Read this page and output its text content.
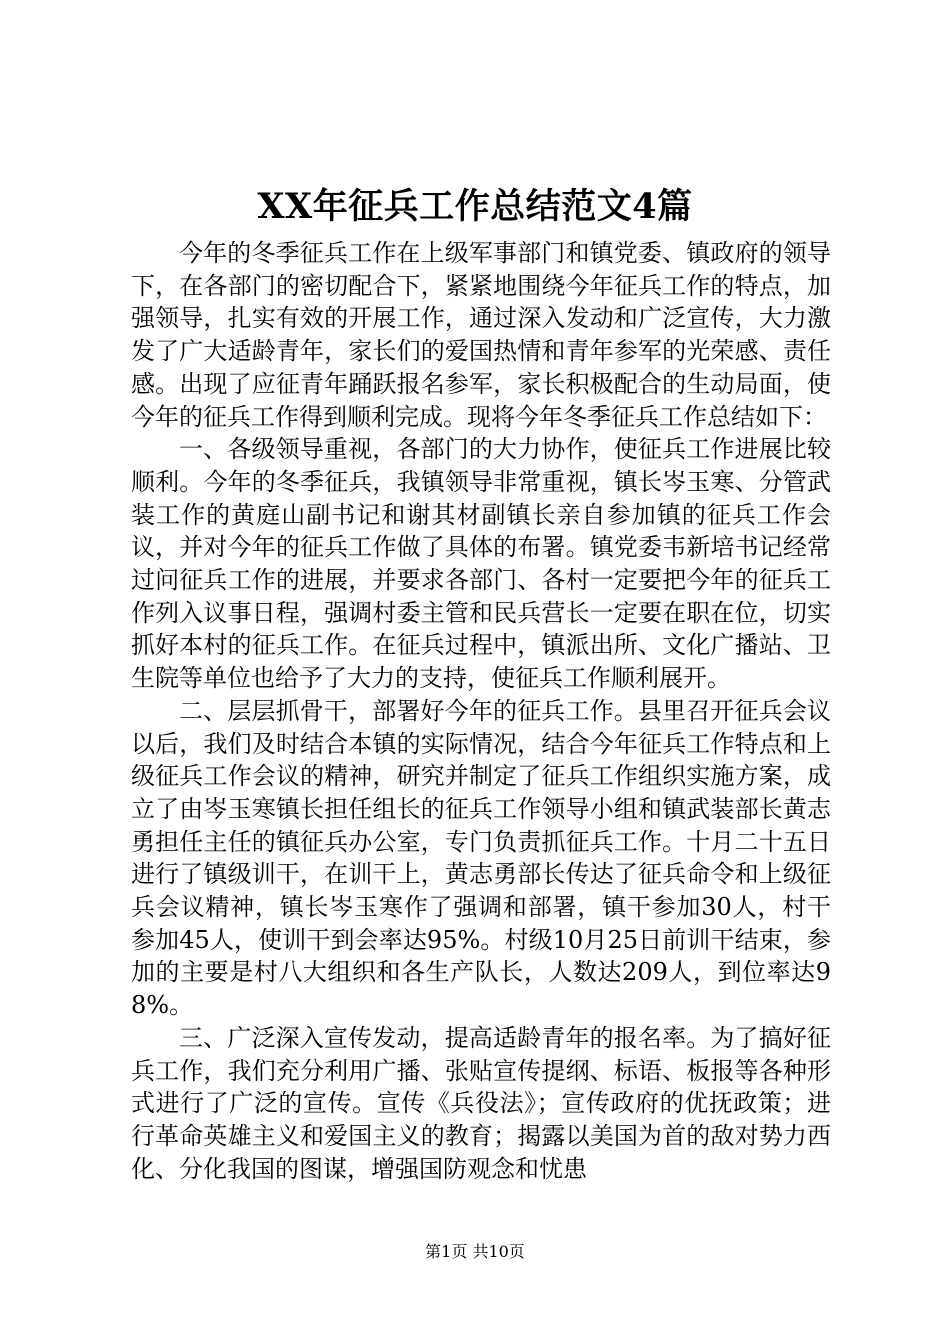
XX年征兵工作总结范文4篇

今年的冬季征兵工作在上级军事部门和镇党委、镇政府的领导下，在各部门的密切配合下，紧紧地围绕今年征兵工作的特点，加强领导，扎实有效的开展工作，通过深入发动和广泛宣传，大力激发了广大适龄青年，家长们的爱国热情和青年参军的光荣感、责任感。出现了应征青年踊跃报名参军，家长积极配合的生动局面，使今年的征兵工作得到顺利完成。现将今年冬季征兵工作总结如下：

一、各级领导重视，各部门的大力协作，使征兵工作进展比较顺利。今年的冬季征兵，我镇领导非常重视，镇长岑玉寒、分管武装工作的黄庭山副书记和谢其材副镇长亲自参加镇的征兵工作会议，并对今年的征兵工作做了具体的布署。镇党委韦新培书记经常过问征兵工作的进展，并要求各部门、各村一定要把今年的征兵工作列入议事日程，强调村委主管和民兵营长一定要在职在位，切实抓好本村的征兵工作。在征兵过程中，镇派出所、文化广播站、卫生院等单位也给予了大力的支持，使征兵工作顺利展开。

二、层层抓骨干，部署好今年的征兵工作。县里召开征兵会议以后，我们及时结合本镇的实际情况，结合今年征兵工作特点和上级征兵工作会议的精神，研究并制定了征兵工作组织实施方案，成立了由岑玉寒镇长担任组长的征兵工作领导小组和镇武装部长黄志勇担任主任的镇征兵办公室，专门负责抓征兵工作。十月二十五日进行了镇级训干，在训干上，黄志勇部长传达了征兵命令和上级征兵会议精神，镇长岑玉寒作了强调和部署，镇干参加30人，村干参加45人，使训干到会率达95%。村级10月25日前训干结束，参加的主要是村八大组织和各生产队长，人数达209人，到位率达98%。

三、广泛深入宣传发动，提高适龄青年的报名率。为了搞好征兵工作，我们充分利用广播、张贴宣传提纲、标语、板报等各种形式进行了广泛的宣传。宣传《兵役法》；宣传政府的优抚政策；进行革命英雄主义和爱国主义的教育；揭露以美国为首的敌对势力西化、分化我国的图谋，增强国防观念和忧患

第1页 共10页
